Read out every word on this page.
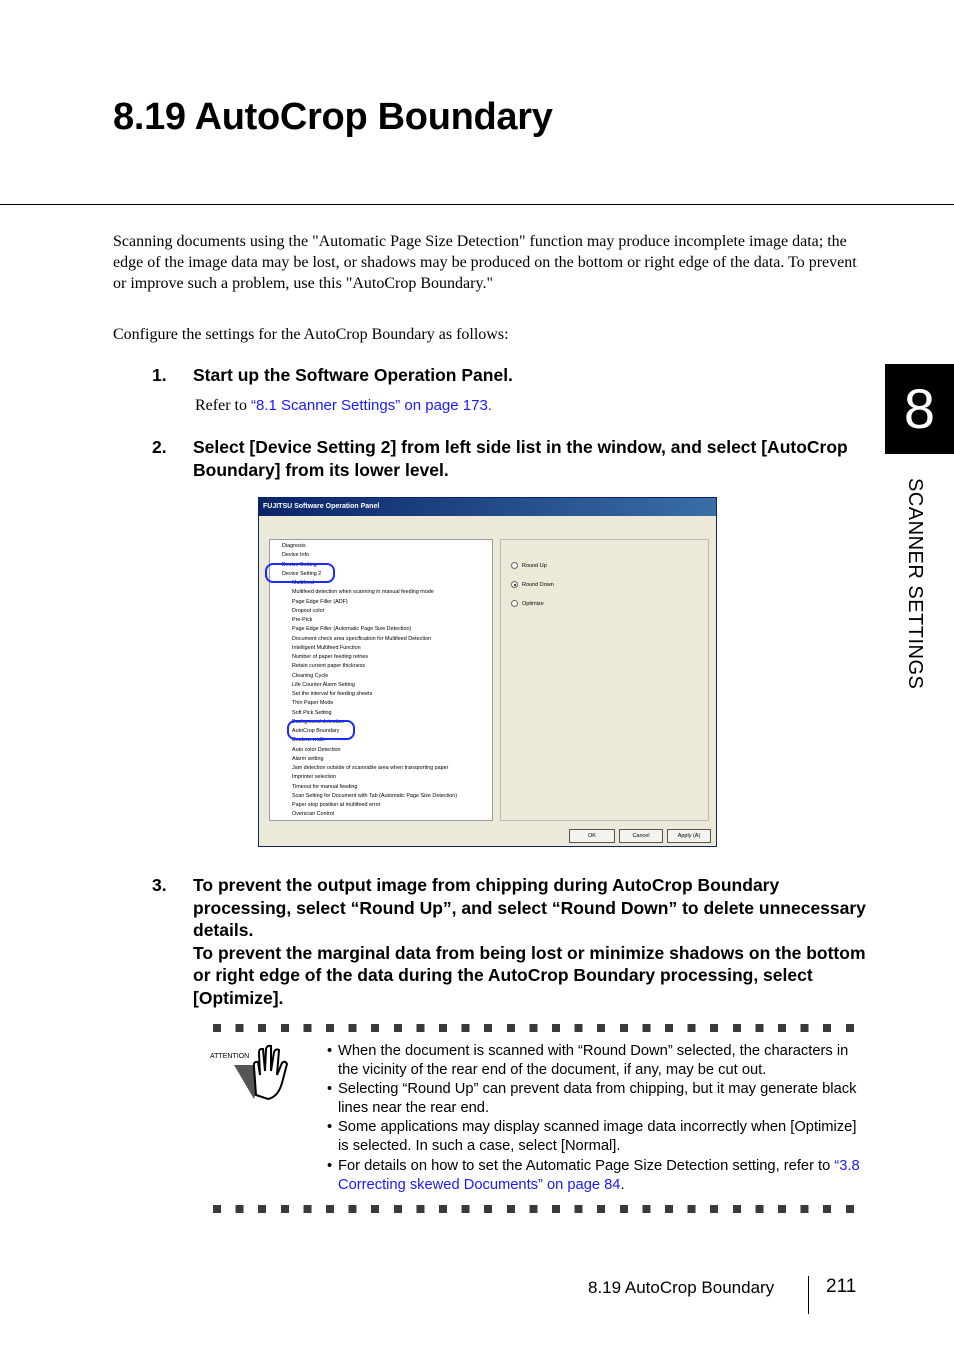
8.19 AutoCrop Boundary

Scanning documents using the "Automatic Page Size Detection" function may produce incomplete image data; the edge of the image data may be lost, or shadows may be produced on the bottom or right edge of the data. To prevent or improve such a problem, use this "AutoCrop Boundary."

Configure the settings for the AutoCrop Boundary as follows:

8
SCANNER SETTINGS
1. Start up the Software Operation Panel.
Refer to “8.1 Scanner Settings” on page 173.
2. Select [Device Setting 2] from left side list in the window, and select [AutoCrop Boundary] from its lower level.
FUJITSU Software Operation Panel
Diagnosis
Device Info
Device Setting
Device Setting 2
Multifeed
Multifeed detection when scanning in manual feeding mode
Page Edge Filler (ADF)
Dropout color
Pre-Pick
Page Edge Filler (Automatic Page Size Detection)
Document check area specification for Multifeed Detection
Intelligent Multifeed Function
Number of paper feeding retries
Retain current paper thickness
Cleaning Cycle
Life Counter Alarm Setting
Set the interval for feeding sheets
Thin Paper Mode
Soft Pick Setting
Background detection
AutoCrop Boundary
Deskew width
Auto color Detection
Alarm setting
Jam detection outside of scannable area when transporting paper
Imprinter selection
Timeout for manual feeding
Scan Setting for Document with Tab (Automatic Page Size Detection)
Paper stop position at multifeed error
Overscan Control
Round Up
Round Down
Optimize
OK	Cancel	Apply (A)
3. To prevent the output image from chipping during AutoCrop Boundary processing, select “Round Up”, and select “Round Down” to delete unnecessary details.
To prevent the marginal data from being lost or minimize shadows on the bottom or right edge of the data during the AutoCrop Boundary processing, select [Optimize].
ATTENTION	• When the document is scanned with “Round Down” selected, the characters in the vicinity of the rear end of the document, if any, may be cut out.
• Selecting “Round Up” can prevent data from chipping, but it may generate black lines near the rear end.
• Some applications may display scanned image data incorrectly when [Optimize] is selected. In such a case, select [Normal].
• For details on how to set the Automatic Page Size Detection setting, refer to “3.8 Correcting skewed Documents” on page 84.
8.19 AutoCrop Boundary	211
